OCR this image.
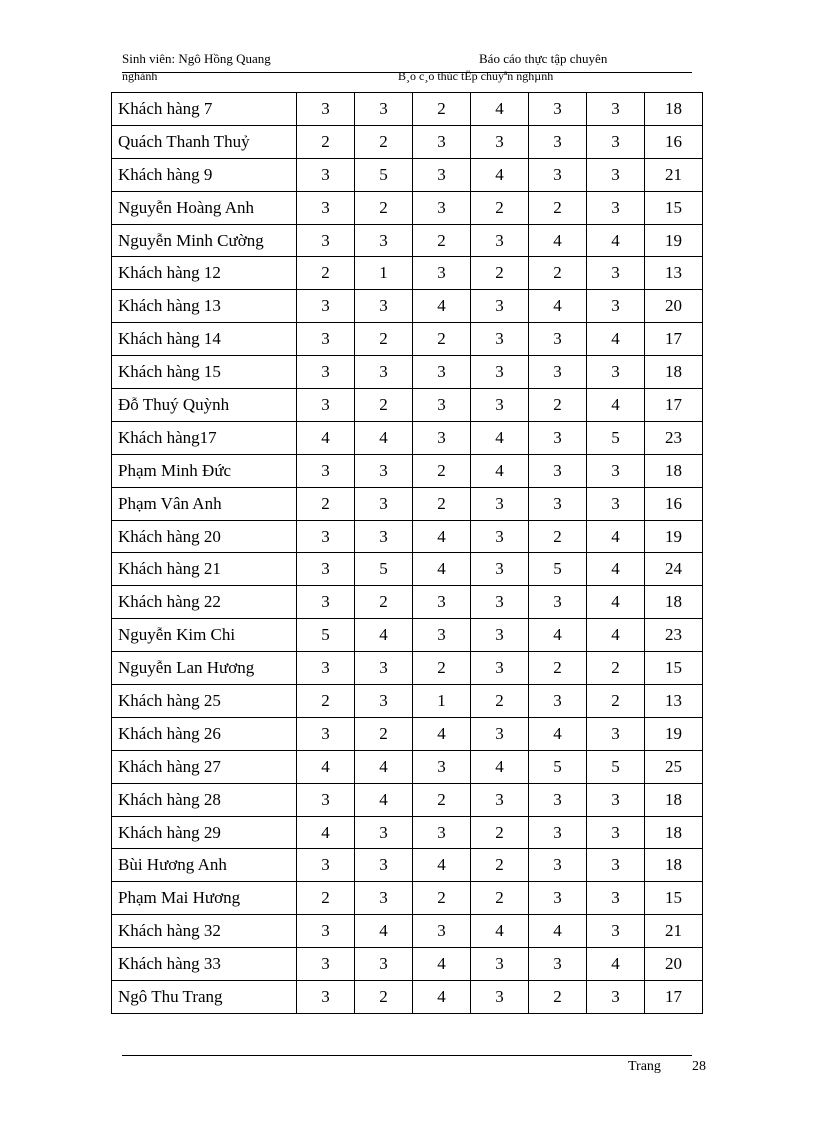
Sinh viên: Ngô Hồng Quang	Báo cáo thực tập chuyên
nghành	B¸o c¸o thùc tËp chuyªn nghµnh
Khách hàng 7	3	3	2	4	3	3	18
Quách Thanh Thuỷ	2	2	3	3	3	3	16
Khách hàng 9	3	5	3	4	3	3	21
Nguyễn Hoàng Anh	3	2	3	2	2	3	15
Nguyễn Minh Cường	3	3	2	3	4	4	19
Khách hàng 12	2	1	3	2	2	3	13
Khách hàng 13	3	3	4	3	4	3	20
Khách hàng 14	3	2	2	3	3	4	17
Khách hàng 15	3	3	3	3	3	3	18
Đỗ Thuý Quỳnh	3	2	3	3	2	4	17
Khách hàng17	4	4	3	4	3	5	23
Phạm Minh Đức	3	3	2	4	3	3	18
Phạm Vân Anh	2	3	2	3	3	3	16
Khách hàng 20	3	3	4	3	2	4	19
Khách hàng 21	3	5	4	3	5	4	24
Khách hàng 22	3	2	3	3	3	4	18
Nguyễn Kim Chi	5	4	3	3	4	4	23
Nguyễn Lan Hương	3	3	2	3	2	2	15
Khách hàng 25	2	3	1	2	3	2	13
Khách hàng 26	3	2	4	3	4	3	19
Khách hàng 27	4	4	3	4	5	5	25
Khách hàng 28	3	4	2	3	3	3	18
Khách hàng 29	4	3	3	2	3	3	18
Bùi Hương Anh	3	3	4	2	3	3	18
Phạm Mai Hương	2	3	2	2	3	3	15
Khách hàng 32	3	4	3	4	4	3	21
Khách hàng 33	3	3	4	3	3	4	20
Ngô Thu Trang	3	2	4	3	2	3	17
Trang 28
